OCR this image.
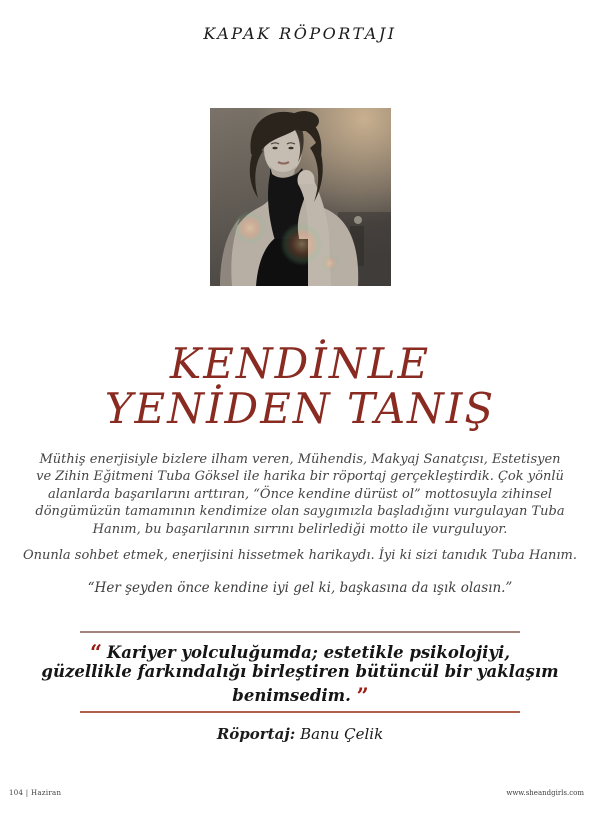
KAPAK RÖPORTAJI
KENDİNLE
YENİDEN TANIŞ

Müthiş enerjisiyle bizlere ilham veren, Mühendis, Makyaj Sanatçısı, Estetisyen ve Zihin Eğitmeni Tuba Göksel ile harika bir röportaj gerçekleştirdik. Çok yönlü alanlarda başarılarını arttıran, “Önce kendine dürüst ol” mottosuyla zihinsel döngümüzün tamamının kendimize olan saygımızla başladığını vurgulayan Tuba Hanım, bu başarılarının sırrını belirlediği motto ile vurguluyor.

Onunla sohbet etmek, enerjisini hissetmek harikaydı. İyi ki sizi tanıdık Tuba Hanım.

“Her şeyden önce kendine iyi gel ki, başkasına da ışık olasın.”

“ Kariyer yolculuğumda; estetikle psikolojiyi,
güzellikle farkındalığı birleştiren bütüncül bir yaklaşım benimsedim. ”
Röportaj: Banu Çelik
104 | Haziran	www.sheandgirls.com
